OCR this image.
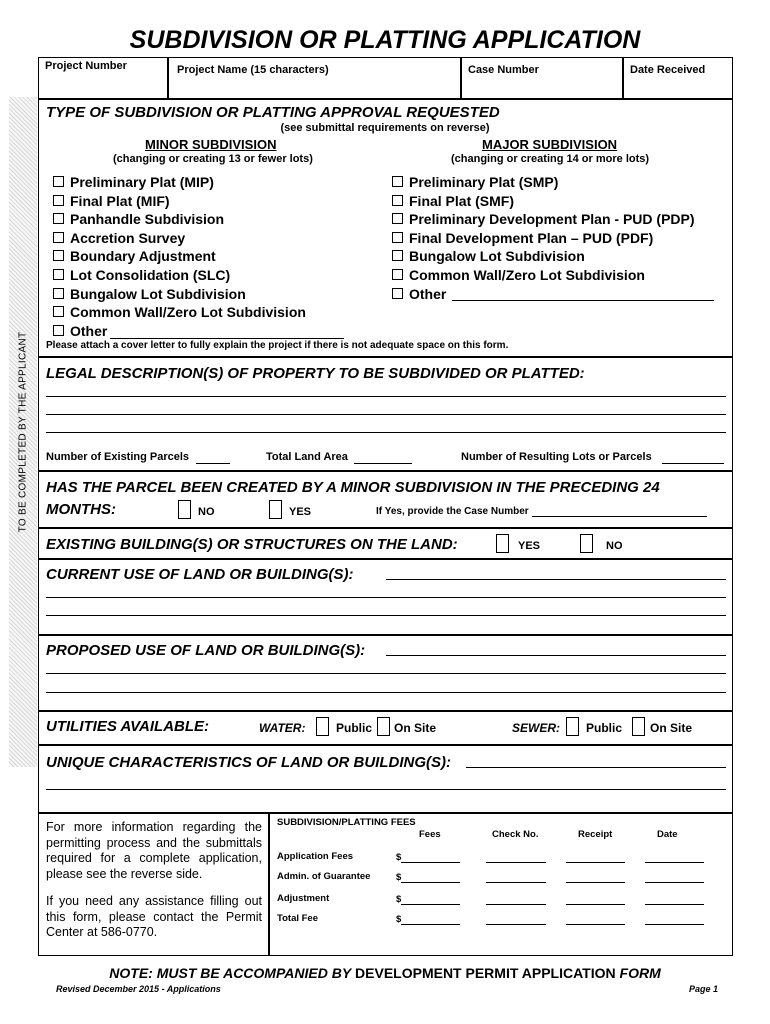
SUBDIVISION OR PLATTING APPLICATION
Project Number	Project Name (15 characters)	Case Number	Date Received
TO BE COMPLETED BY THE APPLICANT
TYPE OF SUBDIVISION OR PLATTING APPROVAL REQUESTED
(see submittal requirements on reverse)
MINOR SUBDIVISION
(changing or creating 13 or fewer lots)
MAJOR SUBDIVISION
(changing or creating 14 or more lots)
Preliminary Plat (MIP)
Final Plat (MIF)
Panhandle Subdivision
Accretion Survey
Boundary Adjustment
Lot Consolidation (SLC)
Bungalow Lot Subdivision
Common Wall/Zero Lot Subdivision
Other
Preliminary Plat (SMP)
Final Plat (SMF)
Preliminary Development Plan - PUD (PDP)
Final Development Plan – PUD (PDF)
Bungalow Lot Subdivision
Common Wall/Zero Lot Subdivision
Other
Please attach a cover letter to fully explain the project if there is not adequate space on this form.
LEGAL DESCRIPTION(S) OF PROPERTY TO BE SUBDIVIDED OR PLATTED:
Number of Existing Parcels	Total Land Area	Number of Resulting Lots or Parcels
HAS THE PARCEL BEEN CREATED BY A MINOR SUBDIVISION IN THE PRECEDING 24
MONTHS:	NO	YES	If Yes, provide the Case Number
EXISTING BUILDING(S) OR STRUCTURES ON THE LAND:	YES	NO
CURRENT USE OF LAND OR BUILDING(S):
PROPOSED USE OF LAND OR BUILDING(S):
UTILITIES AVAILABLE:	WATER:	Public On Site	SEWER: Public On Site
UNIQUE CHARACTERISTICS OF LAND OR BUILDING(S):
For more information regarding the permitting process and the submittals required for a complete application, please see the reverse side.
If you need any assistance filling out this form, please contact the Permit Center at 586-0770.
SUBDIVISION/PLATTING FEES
Fees	Check No.	Receipt	Date
Application Fees	$
Admin. of Guarantee	$
Adjustment	$
Total Fee	$
NOTE: MUST BE ACCOMPANIED BY DEVELOPMENT PERMIT APPLICATION FORM
Revised December 2015 - Applications	Page 1
